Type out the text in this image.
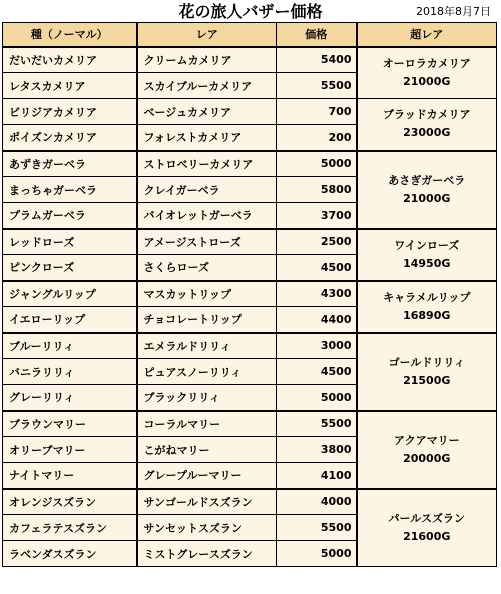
花の旅人バザー価格	2018年8月7日
種（ノーマル）	レア	価格	超レア
だいだいカメリア	クリームカメリア	5400	オーロラカメリア
21000G

レタスカメリア	スカイブルーカメリア	5500	
ビリジアカメリア	ベージュカメリア	700	ブラッドカメリア
23000G

ポイズンカメリア	フォレストカメリア	200	
あずきガーベラ	ストロベリーカメリア	5000	あさぎガーベラ
21000G

まっちゃガーベラ	クレイガーベラ	5800	
プラムガーベラ	バイオレットガーベラ	3700	
レッドローズ	アメージストローズ	2500	ワインローズ
14950G

ピンクローズ	さくらローズ	4500	
ジャングルリップ	マスカットリップ	4300	キャラメルリップ
16890G

イエローリップ	チョコレートリップ	4400	
ブルーリリィ	エメラルドリリィ	3000	ゴールドリリィ
21500G

バニラリリィ	ピュアスノーリリィ	4500	
グレーリリィ	ブラックリリィ	5000	
ブラウンマリー	コーラルマリー	5500	アクアマリー
20000G

オリーブマリー	こがねマリー	3800	
ナイトマリー	グレープルーマリー	4100	
オレンジスズラン	サンゴールドスズラン	4000	パールスズラン
21600G

カフェラテスズラン	サンセットスズラン	5500	
ラベンダスズラン	ミストグレースズラン	5000	
